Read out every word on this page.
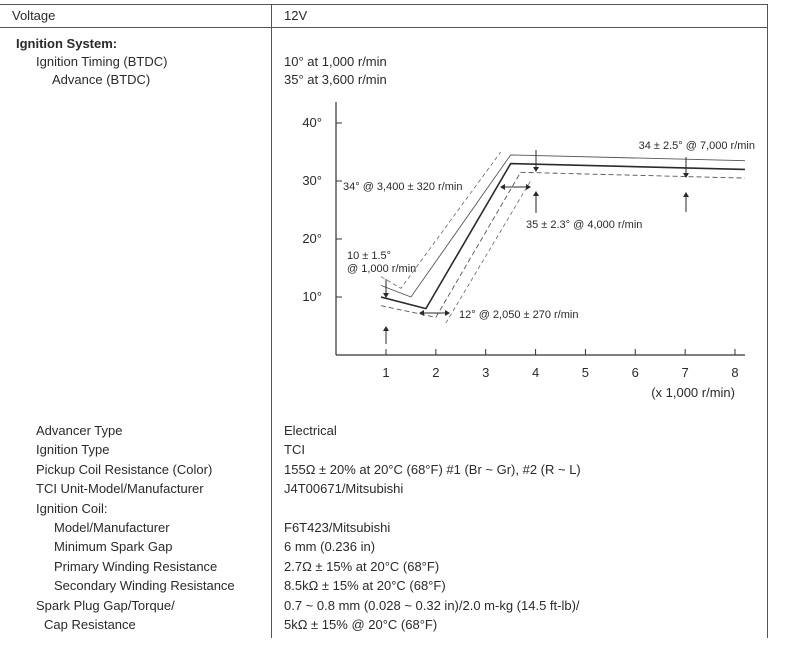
Voltage	12V
Ignition System:
Ignition Timing (BTDC)	10° at 1,000 r/min
Advance (BTDC)	35° at 3,600 r/min
10°
20°
30°
40°
1	2	3	4	5	6	7	8
(x 1,000 r/min)
34 ± 2.5° @ 7,000 r/min
34° @ 3,400 ± 320 r/min
35 ± 2.3° @ 4,000 r/min
10 ± 1.5°
@ 1,000 r/min
12° @ 2,050 ± 270 r/min
Advancer Type	Electrical
Ignition Type	TCI
Pickup Coil Resistance (Color)	155Ω ± 20% at 20°C (68°F) #1 (Br ~ Gr), #2 (R ~ L)
TCI Unit-Model/Manufacturer	J4T00671/Mitsubishi
Ignition Coil:
Model/Manufacturer	F6T423/Mitsubishi
Minimum Spark Gap	6 mm (0.236 in)
Primary Winding Resistance	2.7Ω ± 15% at 20°C (68°F)
Secondary Winding Resistance	8.5kΩ ± 15% at 20°C (68°F)
Spark Plug Gap/Torque/	0.7 ~ 0.8 mm (0.028 ~ 0.32 in)/2.0 m-kg (14.5 ft-lb)/
Cap Resistance	5kΩ ± 15% @ 20°C (68°F)
